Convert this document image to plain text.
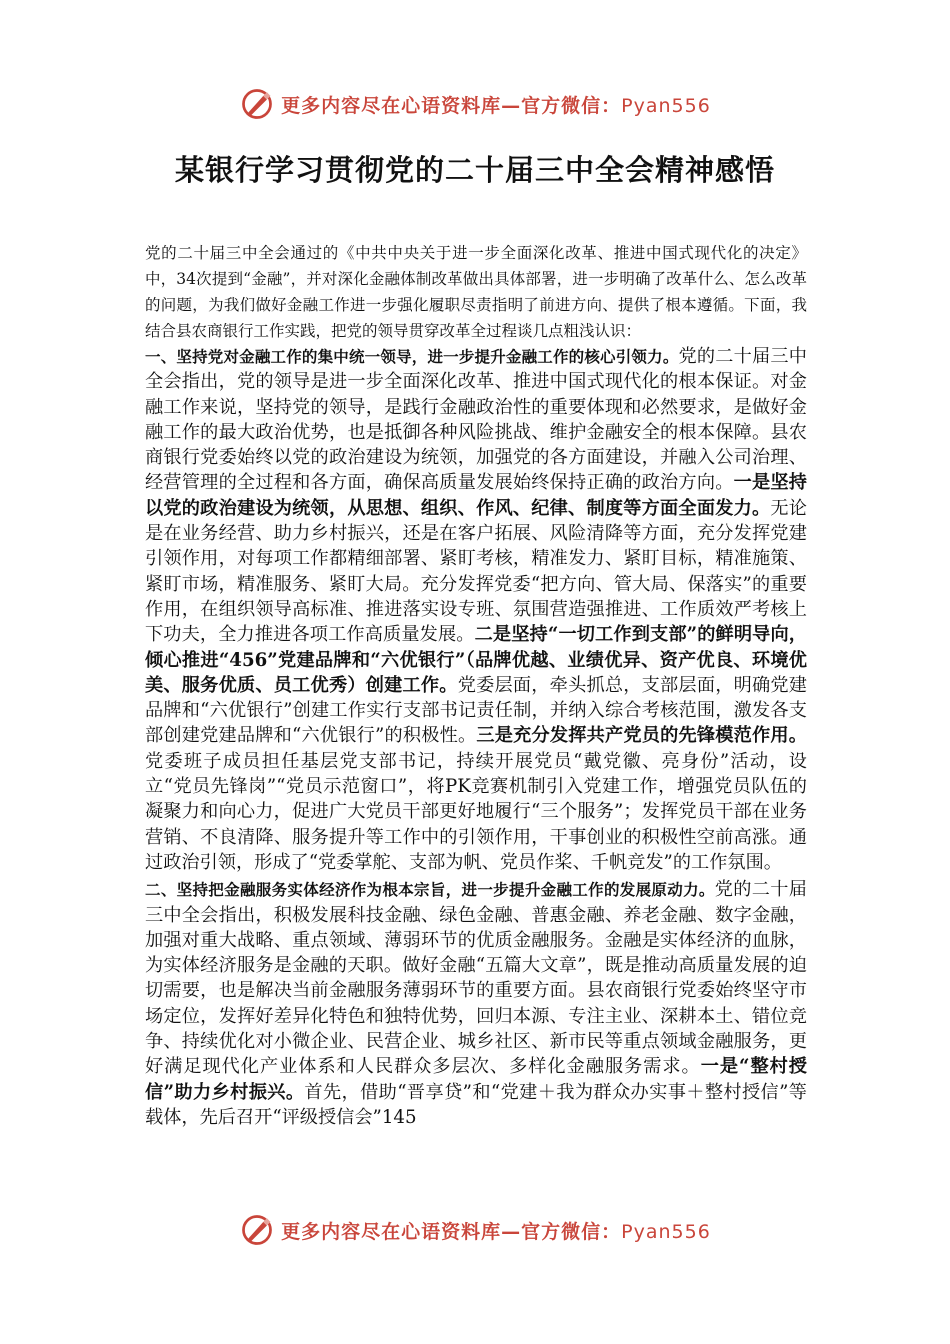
更多内容尽在心语资料库—官方微信：Pyan556
某银行学习贯彻党的二十届三中全会精神感悟

党的二十届三中全会通过的《中共中央关于进一步全面深化改革、推进中国式现代化的决定》中，34次提到“金融”，并对深化金融体制改革做出具体部署，进一步明确了改革什么、怎么改革的问题，为我们做好金融工作进一步强化履职尽责指明了前进方向、提供了根本遵循。下面，我结合县农商银行工作实践，把党的领导贯穿改革全过程谈几点粗浅认识：

一、坚持党对金融工作的集中统一领导，进一步提升金融工作的核心引领力。党的二十届三中全会指出，党的领导是进一步全面深化改革、推进中国式现代化的根本保证。对金融工作来说，坚持党的领导，是践行金融政治性的重要体现和必然要求，是做好金融工作的最大政治优势，也是抵御各种风险挑战、维护金融安全的根本保障。县农商银行党委始终以党的政治建设为统领，加强党的各方面建设，并融入公司治理、经营管理的全过程和各方面，确保高质量发展始终保持正确的政治方向。一是坚持以党的政治建设为统领，从思想、组织、作风、纪律、制度等方面全面发力。无论是在业务经营、助力乡村振兴，还是在客户拓展、风险清降等方面，充分发挥党建引领作用，对每项工作都精细部署、紧盯考核，精准发力、紧盯目标，精准施策、紧盯市场，精准服务、紧盯大局。充分发挥党委“把方向、管大局、保落实”的重要作用，在组织领导高标准、推进落实设专班、氛围营造强推进、工作质效严考核上下功夫，全力推进各项工作高质量发展。二是坚持“一切工作到支部”的鲜明导向，倾心推进“456”党建品牌和“六优银行”（品牌优越、业绩优异、资产优良、环境优美、服务优质、员工优秀）创建工作。党委层面，牵头抓总，支部层面，明确党建品牌和“六优银行”创建工作实行支部书记责任制，并纳入综合考核范围，激发各支部创建党建品牌和“六优银行”的积极性。三是充分发挥共产党员的先锋模范作用。党委班子成员担任基层党支部书记，持续开展党员“戴党徽、亮身份”活动，设立“党员先锋岗”“党员示范窗口”，将PK竞赛机制引入党建工作，增强党员队伍的凝聚力和向心力，促进广大党员干部更好地履行“三个服务”；发挥党员干部在业务营销、不良清降、服务提升等工作中的引领作用，干事创业的积极性空前高涨。通过政治引领，形成了“党委掌舵、支部为帆、党员作桨、千帆竞发”的工作氛围。

二、坚持把金融服务实体经济作为根本宗旨，进一步提升金融工作的发展原动力。党的二十届三中全会指出，积极发展科技金融、绿色金融、普惠金融、养老金融、数字金融，加强对重大战略、重点领域、薄弱环节的优质金融服务。金融是实体经济的血脉，为实体经济服务是金融的天职。做好金融“五篇大文章”，既是推动高质量发展的迫切需要，也是解决当前金融服务薄弱环节的重要方面。县农商银行党委始终坚守市场定位，发挥好差异化特色和独特优势，回归本源、专注主业、深耕本土、错位竞争、持续优化对小微企业、民营企业、城乡社区、新市民等重点领域金融服务，更好满足现代化产业体系和人民群众多层次、多样化金融服务需求。一是“整村授信”助力乡村振兴。首先，借助“晋享贷”和“党建＋我为群众办实事＋整村授信”等载体，先后召开“评级授信会”145

更多内容尽在心语资料库—官方微信：Pyan556
